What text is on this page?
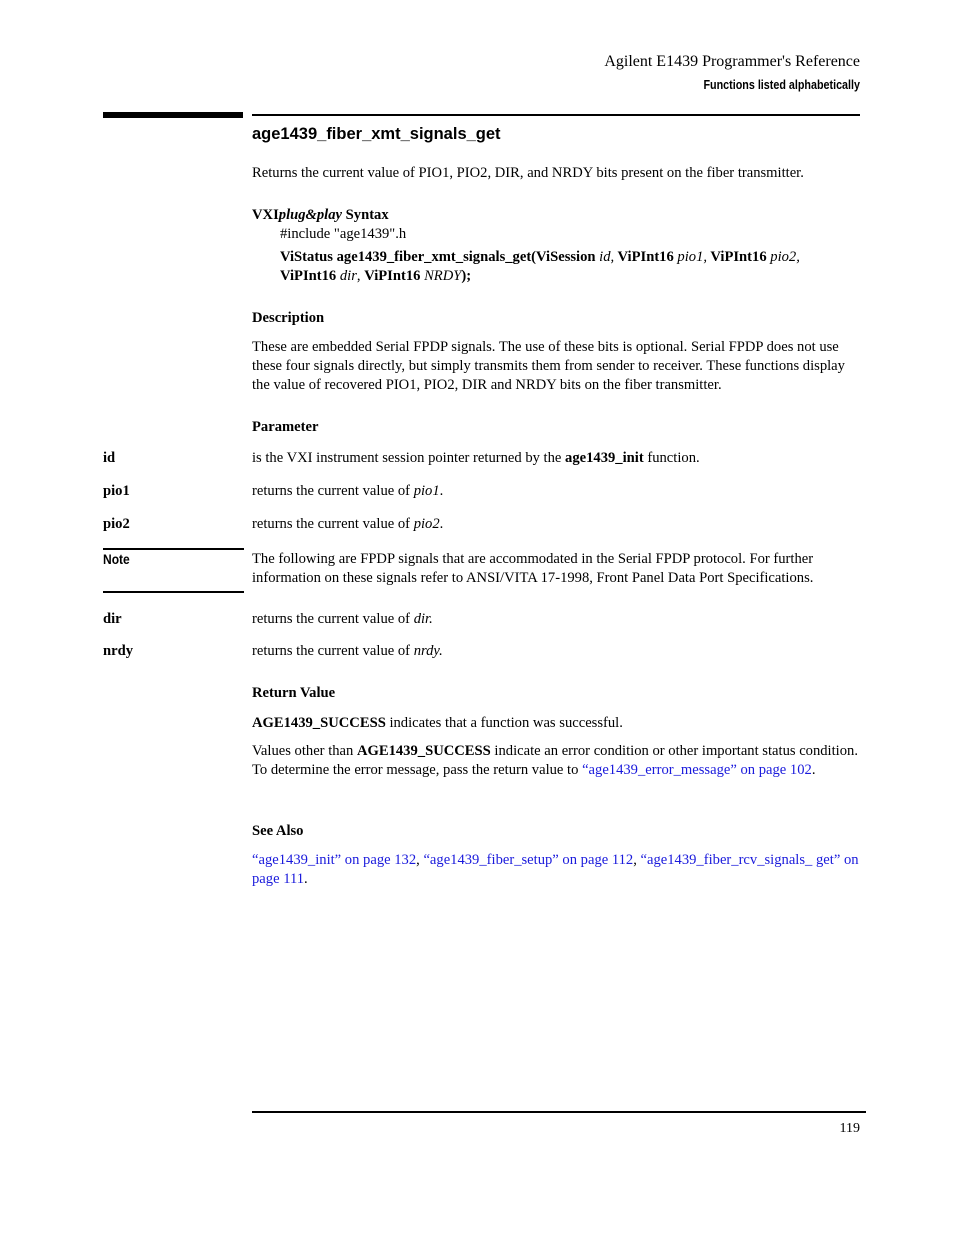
Agilent E1439 Programmer's Reference
Functions listed alphabetically
age1439_fiber_xmt_signals_get
Returns the current value of PIO1, PIO2, DIR, and NRDY bits present on the fiber transmitter.
VXIplug&play Syntax
#include "age1439".h
ViStatus age1439_fiber_xmt_signals_get(ViSession id, ViPInt16 pio1, ViPInt16 pio2,
ViPInt16 dir, ViPInt16 NRDY);
Description
These are embedded Serial FPDP signals. The use of these bits is optional. Serial FPDP does not use these four signals directly, but simply transmits them from sender to receiver. These functions display the value of recovered PIO1, PIO2, DIR and NRDY bits on the fiber transmitter.
Parameter
id	is the VXI instrument session pointer returned by the age1439_init function.
pio1	returns the current value of pio1.
pio2	returns the current value of pio2.
Note	The following are FPDP signals that are accommodated in the Serial FPDP protocol. For further information on these signals refer to ANSI/VITA 17-1998, Front Panel Data Port Specifications.
dir	returns the current value of dir.
nrdy	returns the current value of nrdy.
Return Value
AGE1439_SUCCESS indicates that a function was successful.
Values other than AGE1439_SUCCESS indicate an error condition or other important status condition. To determine the error message, pass the return value to “age1439_error_message” on page 102.
See Also
“age1439_init” on page 132, “age1439_fiber_setup” on page 112, “age1439_fiber_rcv_signals_ get” on page 111.
119
